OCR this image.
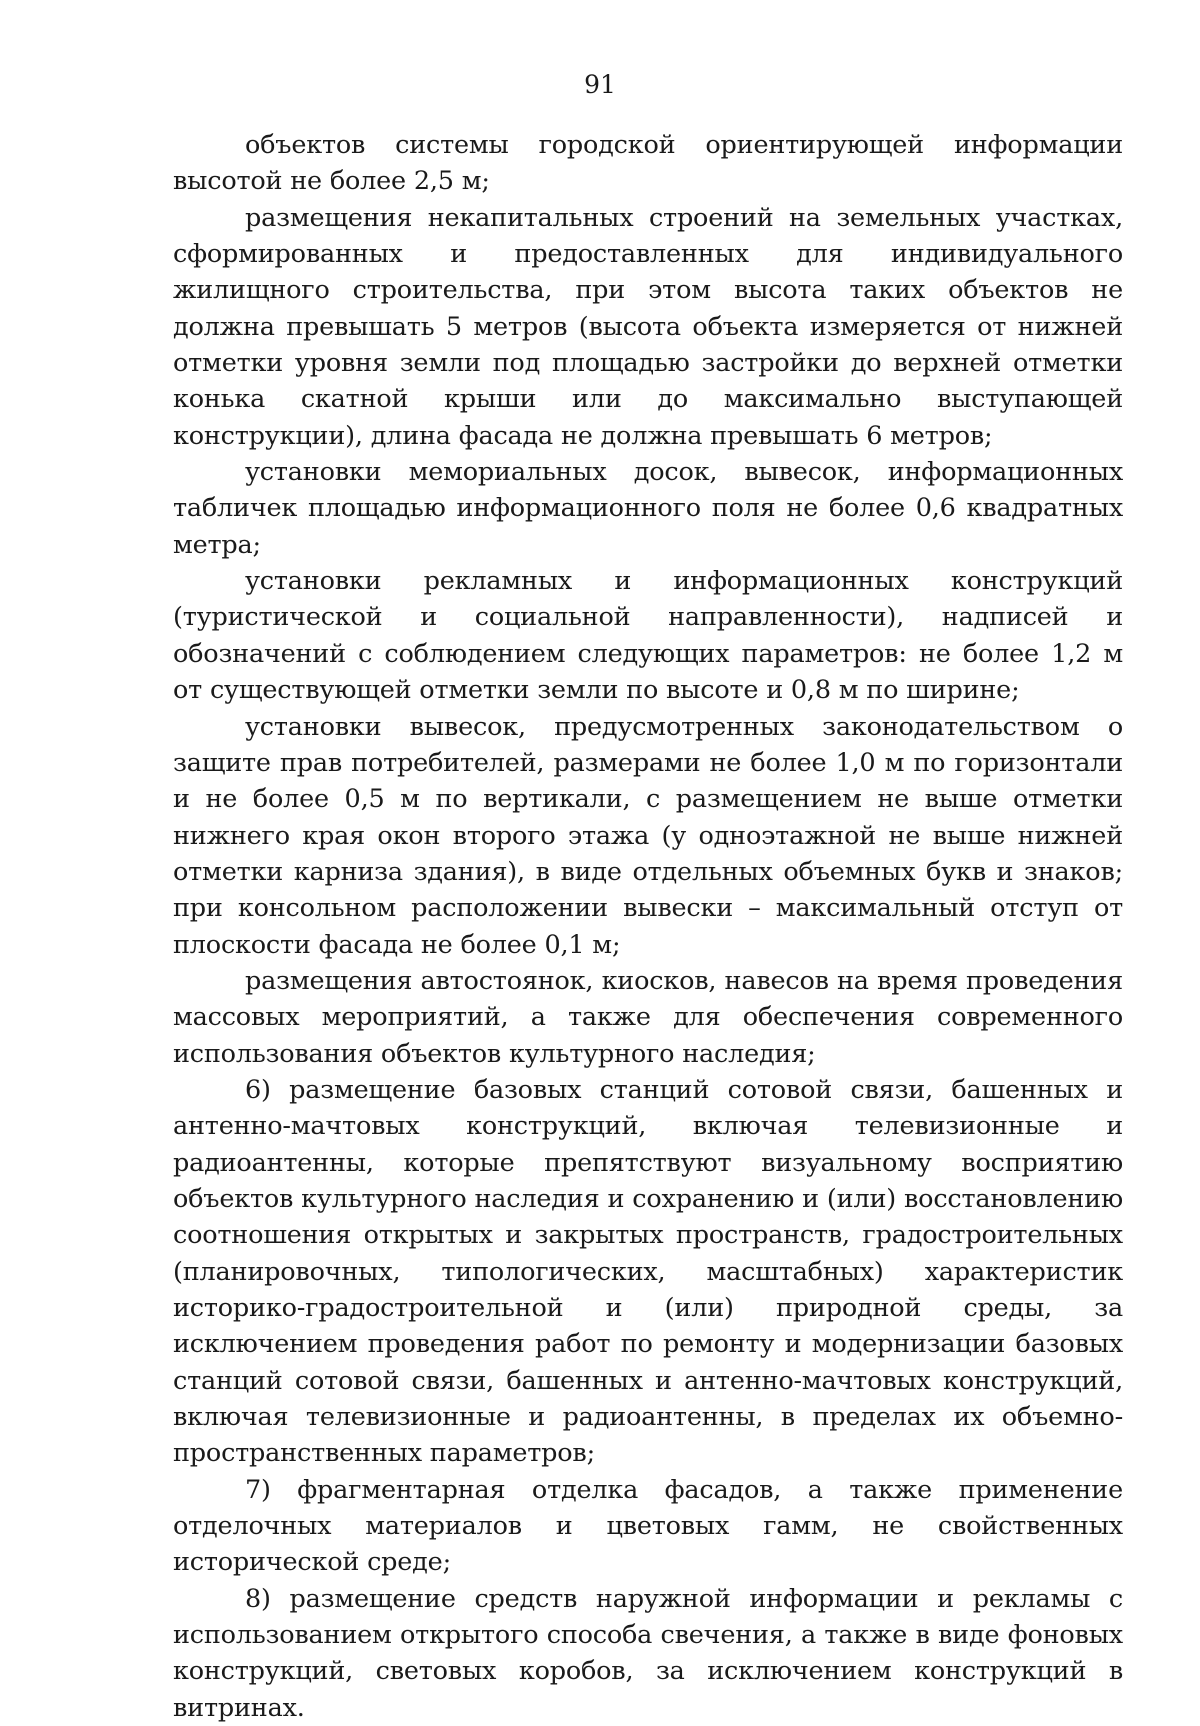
91

объектов системы городской ориентирующей информации высотой не более 2,5 м;

размещения некапитальных строений на земельных участках, сформированных и предоставленных для индивидуального жилищного строительства, при этом высота таких объектов не должна превышать 5 метров (высота объекта измеряется от нижней отметки уровня земли под площадью застройки до верхней отметки конька скатной крыши или до максимально выступающей конструкции), длина фасада не должна превышать 6 метров;

установки мемориальных досок, вывесок, информационных табличек площадью информационного поля не более 0,6 квадратных метра;

установки рекламных и информационных конструкций (туристической и социальной направленности), надписей и обозначений с соблюдением следующих параметров: не более 1,2 м от существующей отметки земли по высоте и 0,8 м по ширине;

установки вывесок, предусмотренных законодательством о защите прав потребителей, размерами не более 1,0 м по горизонтали и не более 0,5 м по вертикали, с размещением не выше отметки нижнего края окон второго этажа (у одноэтажной не выше нижней отметки карниза здания), в виде отдельных объемных букв и знаков; при консольном расположении вывески – максимальный отступ от плоскости фасада не более 0,1 м;

размещения автостоянок, киосков, навесов на время проведения массовых мероприятий, а также для обеспечения современного использования объектов культурного наследия;

6) размещение базовых станций сотовой связи, башенных и антенно-мачтовых конструкций, включая телевизионные и радиоантенны, которые препятствуют визуальному восприятию объектов культурного наследия и сохранению и (или) восстановлению соотношения открытых и закрытых пространств, градостроительных (планировочных, типологических, масштабных) характеристик историко-градостроительной и (или) природной среды, за исключением проведения работ по ремонту и модернизации базовых станций сотовой связи, башенных и антенно-мачтовых конструкций, включая телевизионные и радиоантенны, в пределах их объемно-пространственных параметров;

7) фрагментарная отделка фасадов, а также применение отделочных материалов и цветовых гамм, не свойственных исторической среде;

8) размещение средств наружной информации и рекламы с использованием открытого способа свечения, а также в виде фоновых конструкций, световых коробов, за исключением конструкций в витринах.
